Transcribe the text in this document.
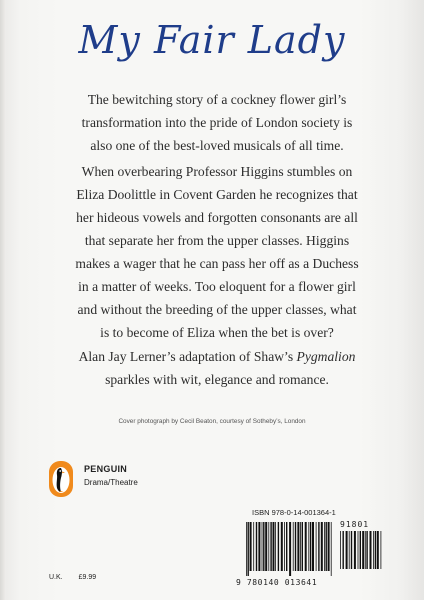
My Fair Lady
The bewitching story of a cockney flower girl’s transformation into the pride of London society is also one of the best-loved musicals of all time.
When overbearing Professor Higgins stumbles on Eliza Doolittle in Covent Garden he recognizes that her hideous vowels and forgotten consonants are all that separate her from the upper classes. Higgins makes a wager that he can pass her off as a Duchess in a matter of weeks. Too eloquent for a flower girl and without the breeding of the upper classes, what is to become of Eliza when the bet is over?
Alan Jay Lerner’s adaptation of Shaw’s Pygmalion sparkles with wit, elegance and romance.
Cover photograph by Cecil Beaton, courtesy of Sotheby’s, London
PENGUIN
Drama/Theatre
ISBN 978-0-14-001364-1
91801
9 780140 013641
U.K. £9.99
